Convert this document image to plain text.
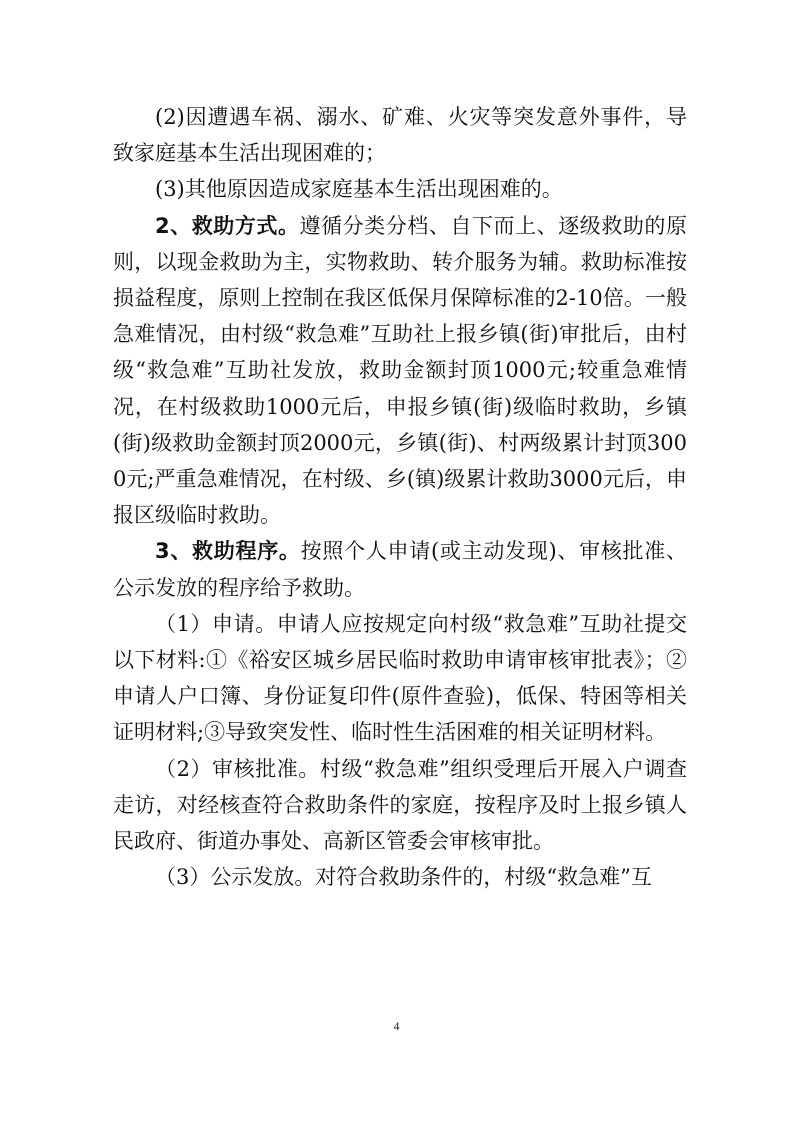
(2)因遭遇车祸、溺水、矿难、火灾等突发意外事件，导致家庭基本生活出现困难的；

(3)其他原因造成家庭基本生活出现困难的。

2、救助方式。遵循分类分档、自下而上、逐级救助的原则，以现金救助为主，实物救助、转介服务为辅。救助标准按损益程度，原则上控制在我区低保月保障标准的2-10倍。一般急难情况，由村级“救急难”互助社上报乡镇(街)审批后，由村级“救急难”互助社发放，救助金额封顶1000元;较重急难情况，在村级救助1000元后，申报乡镇(街)级临时救助，乡镇(街)级救助金额封顶2000元，乡镇(街)、村两级累计封顶3000元;严重急难情况，在村级、乡(镇)级累计救助3000元后，申报区级临时救助。

3、救助程序。按照个人申请(或主动发现)、审核批准、公示发放的程序给予救助。

（1）申请。申请人应按规定向村级“救急难”互助社提交以下材料:①《裕安区城乡居民临时救助申请审核审批表》；②申请人户口簿、身份证复印件(原件查验)，低保、特困等相关证明材料;③导致突发性、临时性生活困难的相关证明材料。

（2）审核批准。村级“救急难”组织受理后开展入户调查走访，对经核查符合救助条件的家庭，按程序及时上报乡镇人民政府、街道办事处、高新区管委会审核审批。

（3）公示发放。对符合救助条件的，村级“救急难”互

4
